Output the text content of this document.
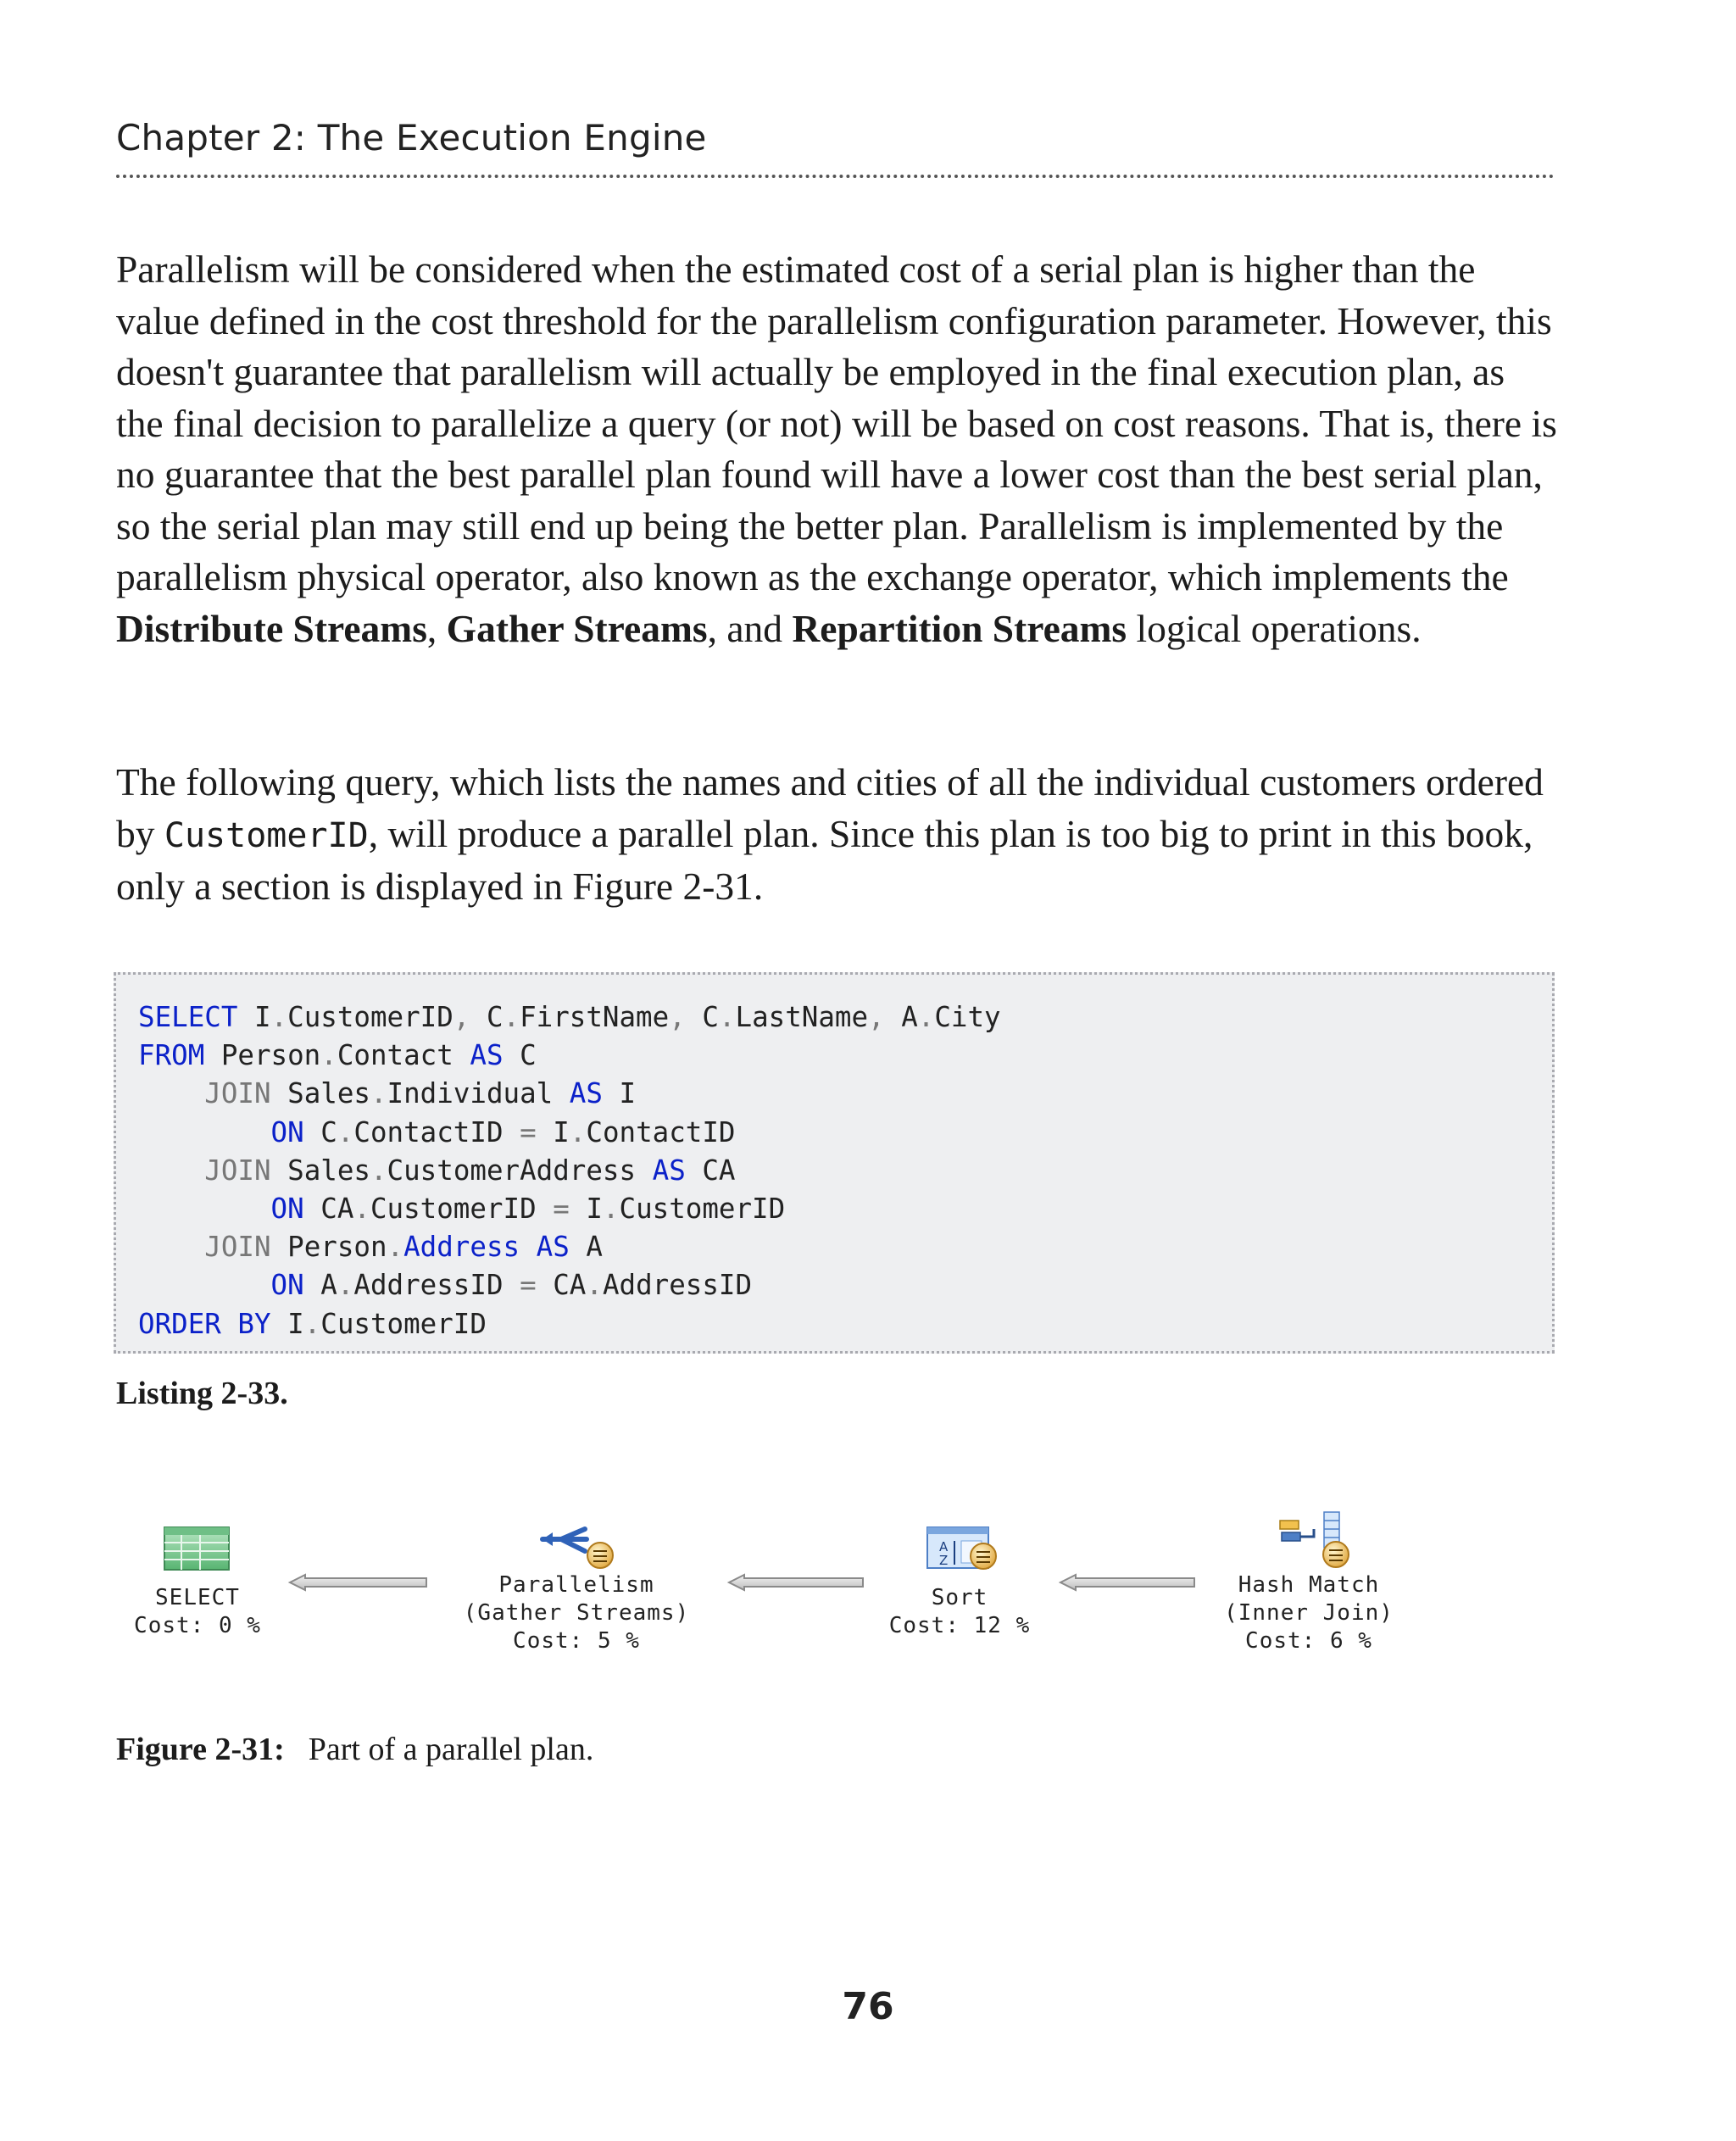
Chapter 2: The Execution Engine
Parallelism will be considered when the estimated cost of a serial plan is higher than the value defined in the cost threshold for the parallelism configuration parameter. However, this doesn't guarantee that parallelism will actually be employed in the final execution plan, as the final decision to parallelize a query (or not) will be based on cost reasons. That is, there is no guarantee that the best parallel plan found will have a lower cost than the best serial plan, so the serial plan may still end up being the better plan. Parallelism is implemented by the parallelism physical operator, also known as the exchange operator, which implements the Distribute Streams, Gather Streams, and Repartition Streams logical operations.
The following query, which lists the names and cities of all the individual customers ordered by CustomerID, will produce a parallel plan. Since this plan is too big to print in this book, only a section is displayed in Figure 2-31.
SELECT I.CustomerID, C.FirstName, C.LastName, A.City
FROM Person.Contact AS C
JOIN Sales.Individual AS I
ON C.ContactID = I.ContactID
JOIN Sales.CustomerAddress AS CA
ON CA.CustomerID = I.CustomerID
JOIN Person.Address AS A
ON A.AddressID = CA.AddressID
ORDER BY I.CustomerID
Listing 2-33.
SELECT
Cost: 0 %
Parallelism
(Gather Streams)
Cost: 5 %
A
Z
Sort
Cost: 12 %
Hash Match
(Inner Join)
Cost: 6 %
Figure 2-31: Part of a parallel plan.
76
